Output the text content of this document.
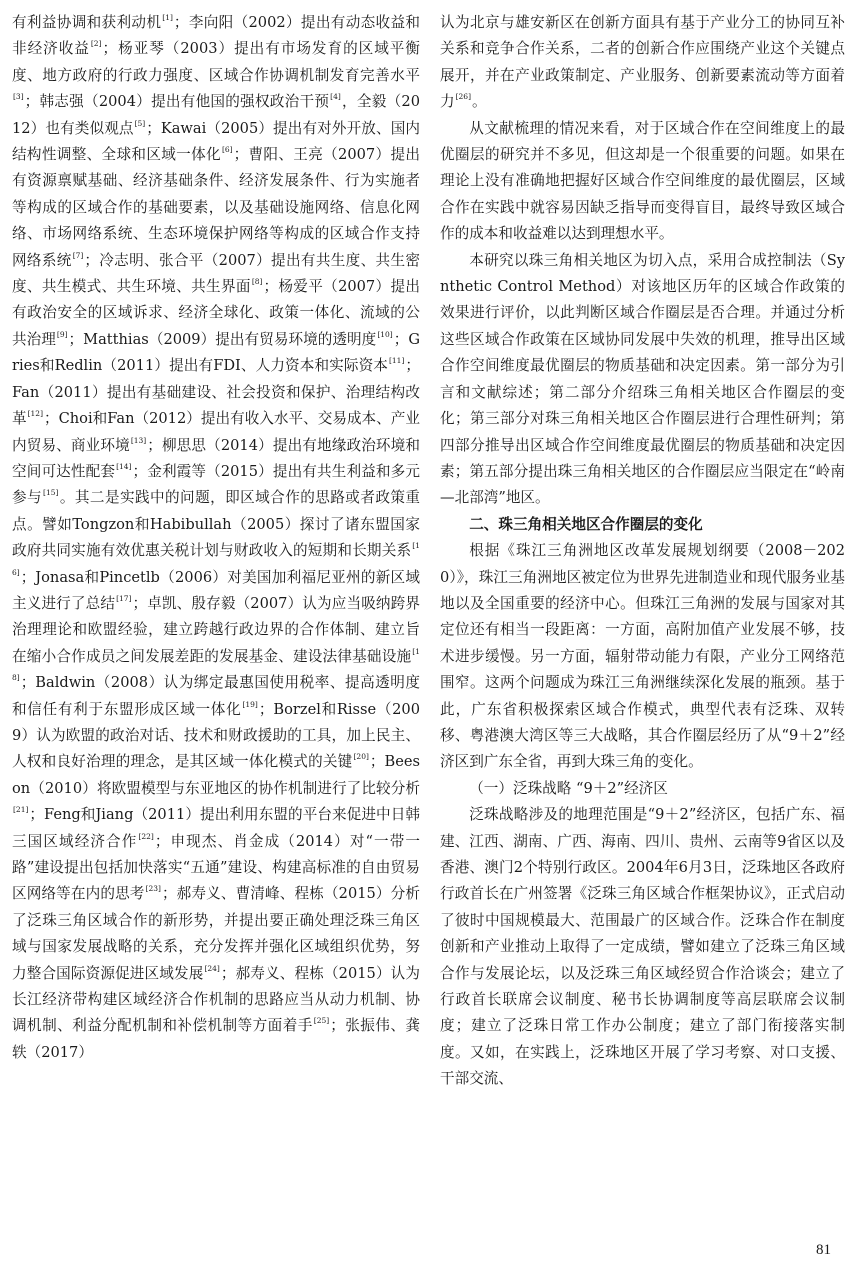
有利益协调和获利动机[1]；李向阳（2002）提出有动态收益和非经济收益[2]；杨亚琴（2003）提出有市场发育的区域平衡度、地方政府的行政力强度、区域合作协调机制发育完善水平[3]；韩志强（2004）提出有他国的强权政治干预[4]，全毅（2012）也有类似观点[5]；Kawai（2005）提出有对外开放、国内结构性调整、全球和区域一体化[6]；曹阳、王亮（2007）提出有资源禀赋基础、经济基础条件、经济发展条件、行为实施者等构成的区域合作的基础要素，以及基础设施网络、信息化网络、市场网络系统、生态环境保护网络等构成的区域合作支持网络系统[7]；冷志明、张合平（2007）提出有共生度、共生密度、共生模式、共生环境、共生界面[8]；杨爱平（2007）提出有政治安全的区域诉求、经济全球化、政策一体化、流域的公共治理[9]；Matthias（2009）提出有贸易环境的透明度[10]；Gries和Redlin（2011）提出有FDI、人力资本和实际资本[11]；Fan（2011）提出有基础建设、社会投资和保护、治理结构改革[12]；Choi和Fan（2012）提出有收入水平、交易成本、产业内贸易、商业环境[13]；柳思思（2014）提出有地缘政治环境和空间可达性配套[14]；金利霞等（2015）提出有共生利益和多元参与[15]。其二是实践中的问题，即区域合作的思路或者政策重点。譬如Tongzon和Habibullah（2005）探讨了诸东盟国家政府共同实施有效优惠关税计划与财政收入的短期和长期关系[16]；Jonasa和Pincetlb（2006）对美国加利福尼亚州的新区域主义进行了总结[17]；卓凯、殷存毅（2007）认为应当吸纳跨界治理理论和欧盟经验，建立跨越行政边界的合作体制、建立旨在缩小合作成员之间发展差距的发展基金、建设法律基础设施[18]；Baldwin（2008）认为绑定最惠国使用税率、提高透明度和信任有利于东盟形成区域一体化[19]；Borzel和Risse（2009）认为欧盟的政治对话、技术和财政援助的工具，加上民主、人权和良好治理的理念，是其区域一体化模式的关键[20]；Beeson（2010）将欧盟模型与东亚地区的协作机制进行了比较分析[21]；Feng和Jiang（2011）提出利用东盟的平台来促进中日韩三国区域经济合作[22]；申现杰、肖金成（2014）对“一带一路”建设提出包括加快落实“五通”建设、构建高标准的自由贸易区网络等在内的思考[23]；郝寿义、曹清峰、程栋（2015）分析了泛珠三角区域合作的新形势，并提出要正确处理泛珠三角区域与国家发展战略的关系，充分发挥并强化区域组织优势，努力整合国际资源促进区域发展[24]；郝寿义、程栋（2015）认为长江经济带构建区域经济合作机制的思路应当从动力机制、协调机制、利益分配机制和补偿机制等方面着手[25]；张振伟、龚轶（2017）

认为北京与雄安新区在创新方面具有基于产业分工的协同互补关系和竞争合作关系，二者的创新合作应围绕产业这个关键点展开，并在产业政策制定、产业服务、创新要素流动等方面着力[26]。

从文献梳理的情况来看，对于区域合作在空间维度上的最优圈层的研究并不多见，但这却是一个很重要的问题。如果在理论上没有准确地把握好区域合作空间维度的最优圈层，区域合作在实践中就容易因缺乏指导而变得盲目，最终导致区域合作的成本和收益难以达到理想水平。

本研究以珠三角相关地区为切入点，采用合成控制法（Synthetic Control Method）对该地区历年的区域合作政策的效果进行评价，以此判断区域合作圈层是否合理。并通过分析这些区域合作政策在区域协同发展中失效的机理，推导出区域合作空间维度最优圈层的物质基础和决定因素。第一部分为引言和文献综述；第二部分介绍珠三角相关地区合作圈层的变化；第三部分对珠三角相关地区合作圈层进行合理性研判；第四部分推导出区域合作空间维度最优圈层的物质基础和决定因素；第五部分提出珠三角相关地区的合作圈层应当限定在“岭南—北部湾”地区。

二、珠三角相关地区合作圈层的变化

根据《珠江三角洲地区改革发展规划纲要（2008－2020）》，珠江三角洲地区被定位为世界先进制造业和现代服务业基地以及全国重要的经济中心。但珠江三角洲的发展与国家对其定位还有相当一段距离：一方面，高附加值产业发展不够，技术进步缓慢。另一方面，辐射带动能力有限，产业分工网络范围窄。这两个问题成为珠江三角洲继续深化发展的瓶颈。基于此，广东省积极探索区域合作模式，典型代表有泛珠、双转移、粤港澳大湾区等三大战略，其合作圈层经历了从“9＋2”经济区到广东全省，再到大珠三角的变化。

（一）泛珠战略 “9＋2”经济区

泛珠战略涉及的地理范围是“9＋2”经济区，包括广东、福建、江西、湖南、广西、海南、四川、贵州、云南等9省区以及香港、澳门2个特别行政区。2004年6月3日，泛珠地区各政府行政首长在广州签署《泛珠三角区域合作框架协议》，正式启动了彼时中国规模最大、范围最广的区域合作。泛珠合作在制度创新和产业推动上取得了一定成绩，譬如建立了泛珠三角区域合作与发展论坛，以及泛珠三角区域经贸合作洽谈会；建立了行政首长联席会议制度、秘书长协调制度等高层联席会议制度；建立了泛珠日常工作办公制度；建立了部门衔接落实制度。又如，在实践上，泛珠地区开展了学习考察、对口支援、干部交流、

81
